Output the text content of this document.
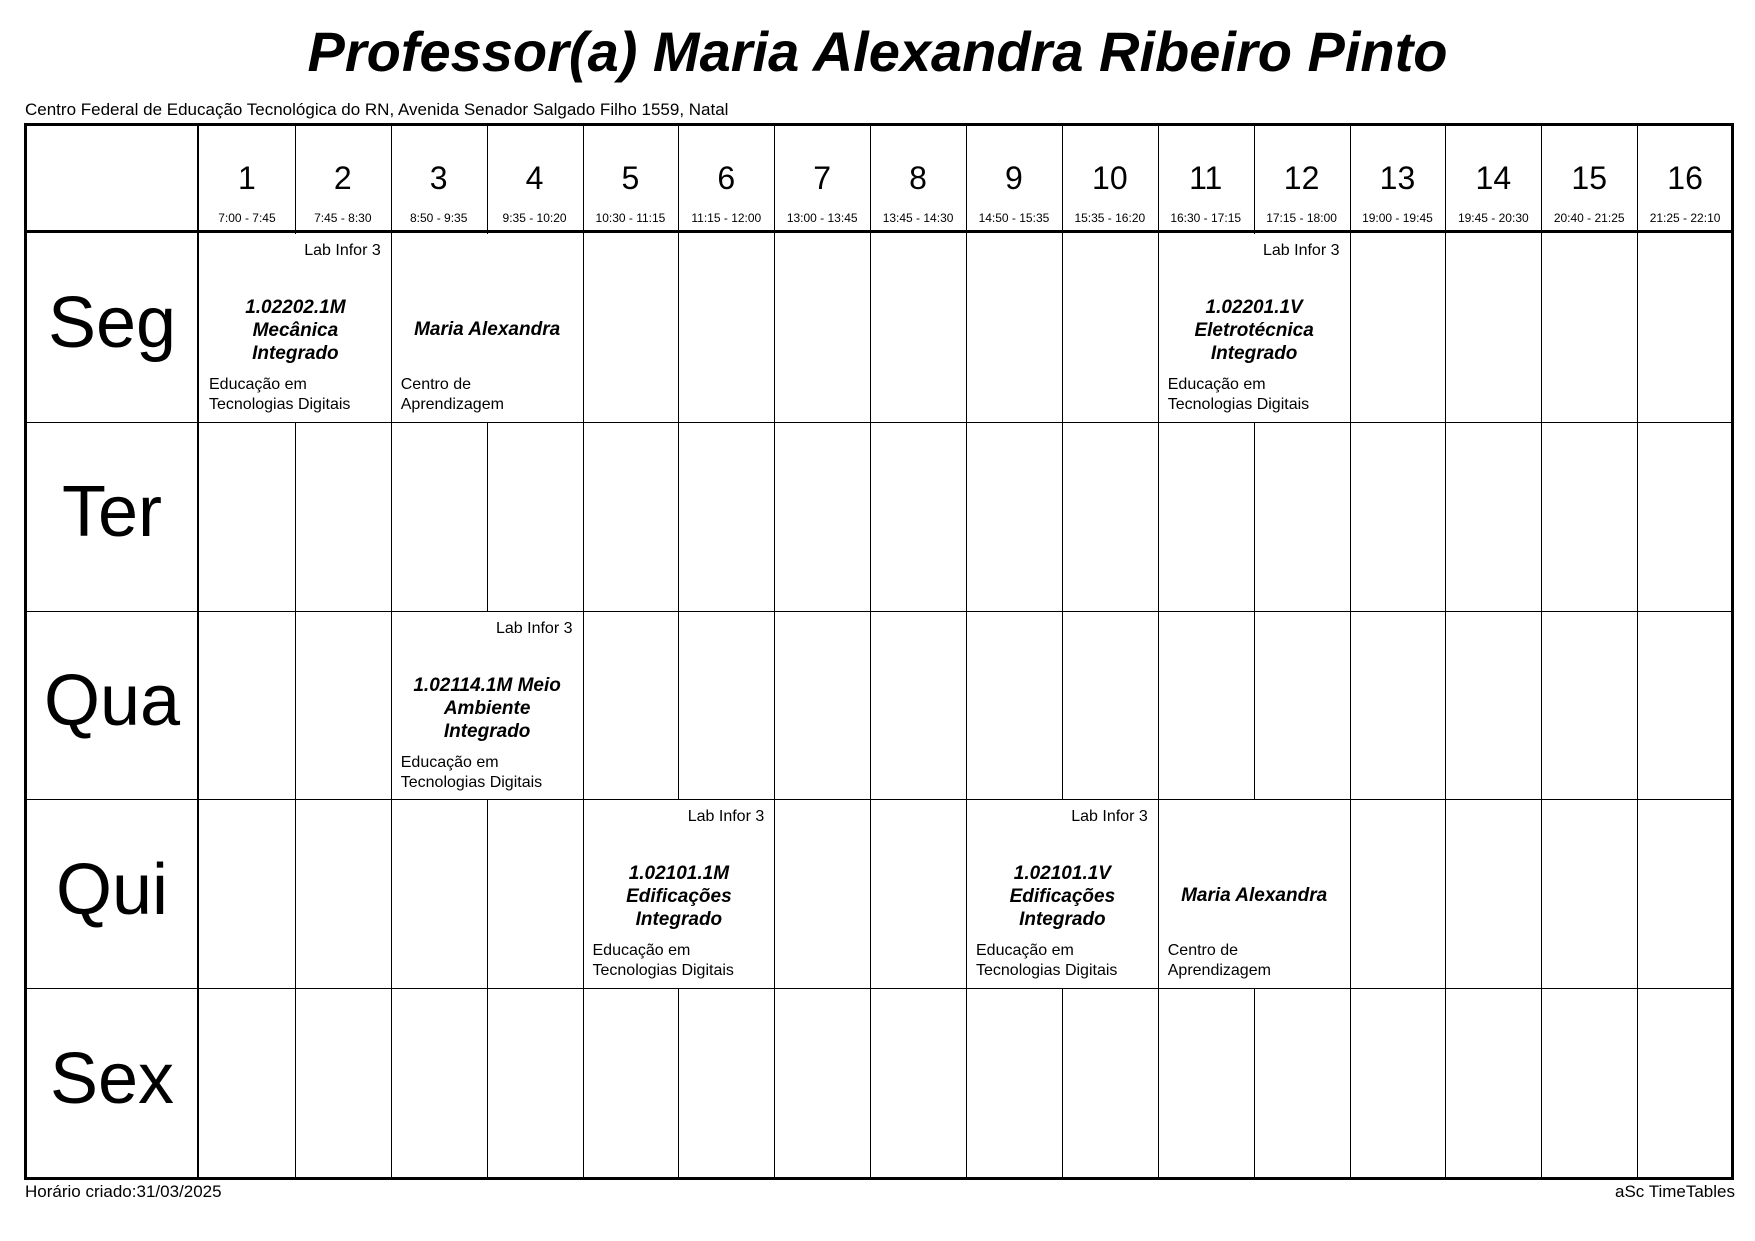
Professor(a) Maria Alexandra Ribeiro Pinto
Centro Federal de Educação Tecnológica do RN, Avenida Senador Salgado Filho 1559, Natal
1
7:00 - 7:45
2
7:45 - 8:30
3
8:50 - 9:35
4
9:35 - 10:20
5
10:30 - 11:15
6
11:15 - 12:00
7
13:00 - 13:45
8
13:45 - 14:30
9
14:50 - 15:35
10
15:35 - 16:20
11
16:30 - 17:15
12
17:15 - 18:00
13
19:00 - 19:45
14
19:45 - 20:30
15
20:40 - 21:25
16
21:25 - 22:10
Seg
Ter
Qua
Qui
Sex
Lab Infor 3
1.02202.1M
Mecânica
Integrado
Educação em
Tecnologias Digitais
Maria Alexandra
Centro de
Aprendizagem
Lab Infor 3
1.02201.1V
Eletrotécnica
Integrado
Educação em
Tecnologias Digitais
Lab Infor 3
1.02114.1M Meio
Ambiente
Integrado
Educação em
Tecnologias Digitais
Lab Infor 3
1.02101.1M
Edificações
Integrado
Educação em
Tecnologias Digitais
Lab Infor 3
1.02101.1V
Edificações
Integrado
Educação em
Tecnologias Digitais
Maria Alexandra
Centro de
Aprendizagem
Horário criado:31/03/2025	aSc TimeTables
